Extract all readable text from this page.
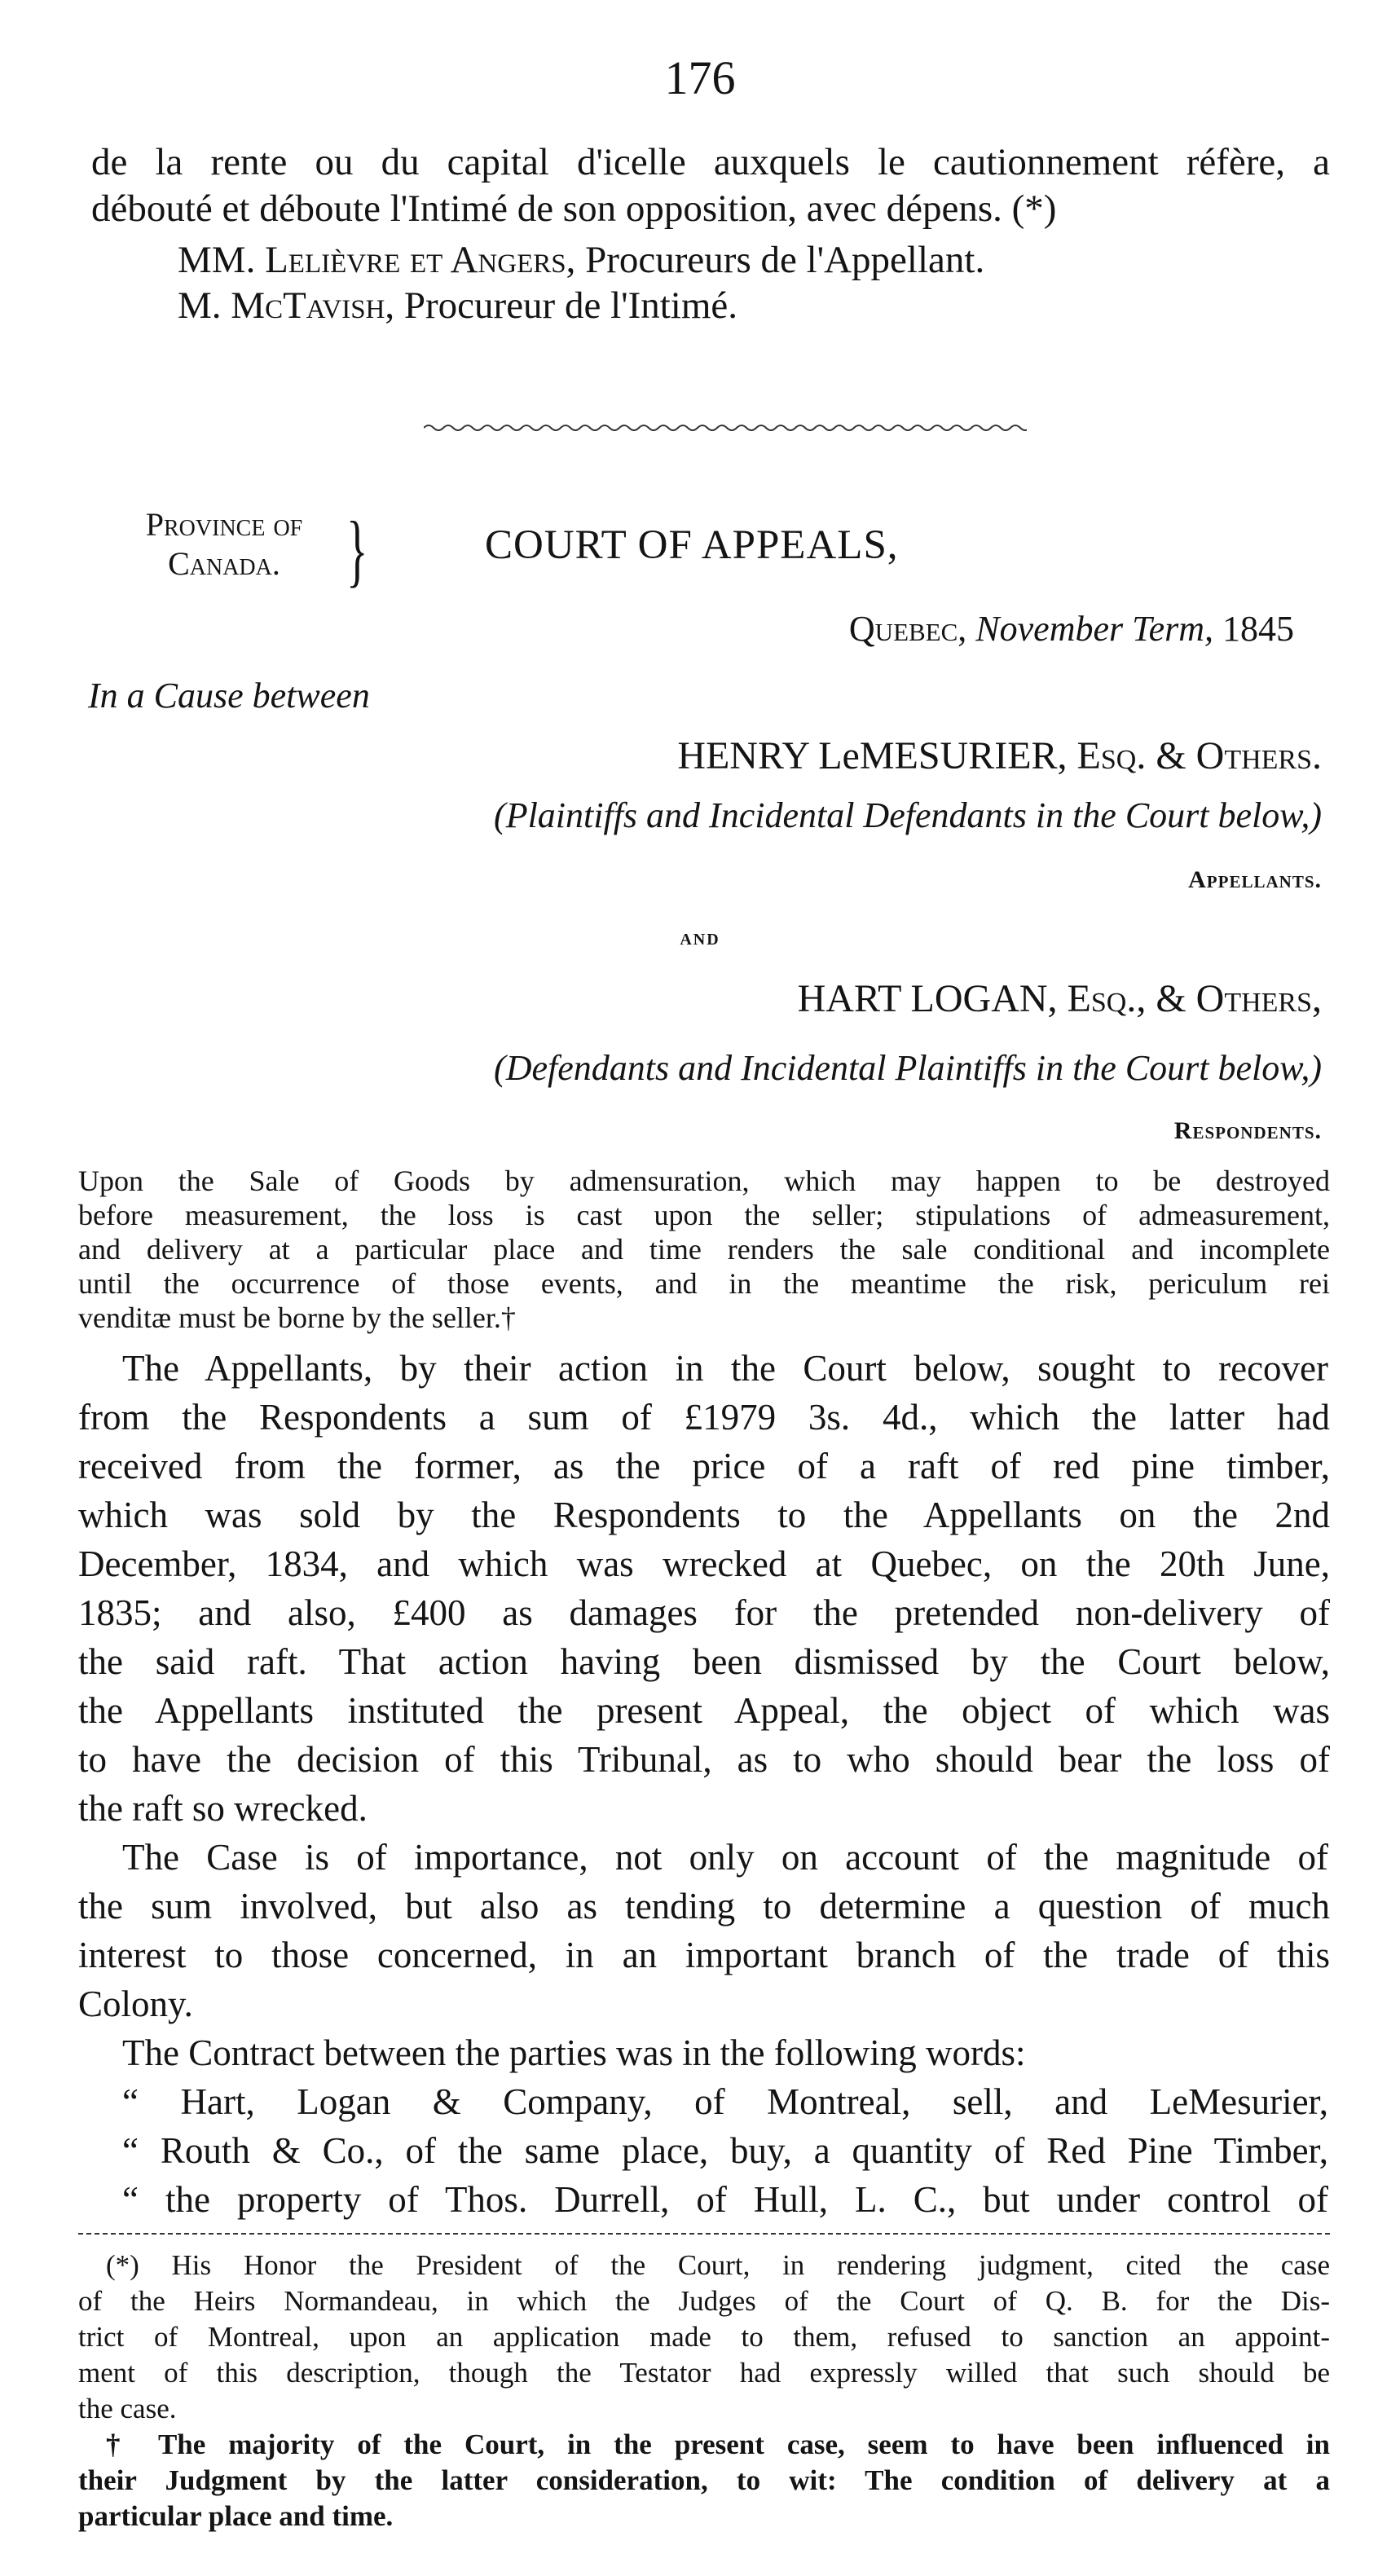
176
de la rente ou du capital d'icelle auxquels le cautionnement réfère, a
débouté et déboute l'Intimé de son opposition, avec dépens. (*)
MM. Lelièvre et Angers, Procureurs de l'Appellant.
M. McTavish, Procureur de l'Intimé.
Province of
Canada. }	COURT OF APPEALS,
Quebec, November Term, 1845
In a Cause between
HENRY LeMESURIER, Esq. & Others.
(Plaintiffs and Incidental Defendants in the Court below,)
Appellants.
and
HART LOGAN, Esq., & Others,
(Defendants and Incidental Plaintiffs in the Court below,)
Respondents.
Upon the Sale of Goods by admensuration, which may happen to be destroyed
before measurement, the loss is cast upon the seller; stipulations of admeasurement,
and delivery at a particular place and time renders the sale conditional and incomplete
until the occurrence of those events, and in the meantime the risk, periculum rei
venditæ must be borne by the seller.†
The Appellants, by their action in the Court below, sought to recover
from the Respondents a sum of £1979 3s. 4d., which the latter had
received from the former, as the price of a raft of red pine timber,
which was sold by the Respondents to the Appellants on the 2nd
December, 1834, and which was wrecked at Quebec, on the 20th June,
1835; and also, £400 as damages for the pretended non-delivery of
the said raft. That action having been dismissed by the Court below,
the Appellants instituted the present Appeal, the object of which was
to have the decision of this Tribunal, as to who should bear the loss of
the raft so wrecked.
The Case is of importance, not only on account of the magnitude of
the sum involved, but also as tending to determine a question of much
interest to those concerned, in an important branch of the trade of this
Colony.
The Contract between the parties was in the following words:
“ Hart, Logan & Company, of Montreal, sell, and LeMesurier,
“ Routh & Co., of the same place, buy, a quantity of Red Pine Timber,
“ the property of Thos. Durrell, of Hull, L. C., but under control of
(*) His Honor the President of the Court, in rendering judgment, cited the case
of the Heirs Normandeau, in which the Judges of the Court of Q. B. for the Dis-
trict of Montreal, upon an application made to them, refused to sanction an appoint-
ment of this description, though the Testator had expressly willed that such should be
the case.
† The majority of the Court, in the present case, seem to have been influenced in
their Judgment by the latter consideration, to wit: The condition of delivery at a
particular place and time.
